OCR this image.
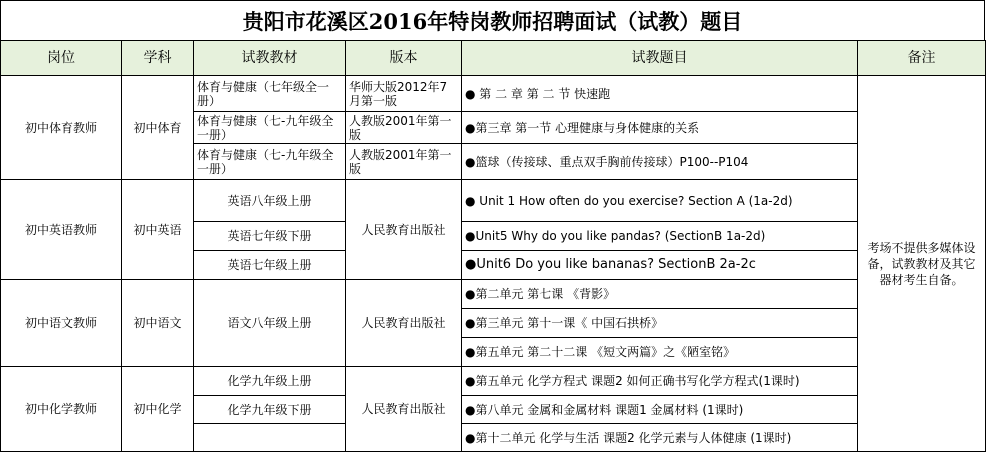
贵阳市花溪区2016年特岗教师招聘面试（试教）题目
岗位	学科	试教教材	版本	试教题目	备注
初中体育教师	初中体育	体育与健康（七年级全一册）	华师大版2012年7月第一版	● 第 二 章 第 二 节 快速跑	考场不提供多媒体设备，试教教材及其它器材考生自备。
		体育与健康（七-九年级全一册）	人教版2001年第一版	●第三章 第一节 心理健康与身体健康的关系	
		体育与健康（七-九年级全一册）	人教版2001年第一版	●篮球（传接球、重点双手胸前传接球）P100--P104	
初中英语教师	初中英语	英语八年级上册	人民教育出版社	● Unit 1 How often do you exercise? Section A (1a-2d)	
		英语七年级下册		●Unit5 Why do you like pandas? (SectionB 1a-2d)	
		英语七年级上册		●Unit6 Do you like bananas? SectionB 2a-2c	
初中语文教师	初中语文	语文八年级上册	人民教育出版社	●第二单元 第七课 《背影》	
				●第三单元 第十一课《 中国石拱桥》	
				●第五单元 第二十二课 《短文两篇》之《陋室铭》	
初中化学教师	初中化学	化学九年级上册	人民教育出版社	●第五单元 化学方程式 课题2 如何正确书写化学方程式(1课时)	
		化学九年级下册		●第八单元 金属和金属材料 课题1 金属材料 (1课时)	

				●第十二单元 化学与生活 课题2 化学元素与人体健康 (1课时)	
